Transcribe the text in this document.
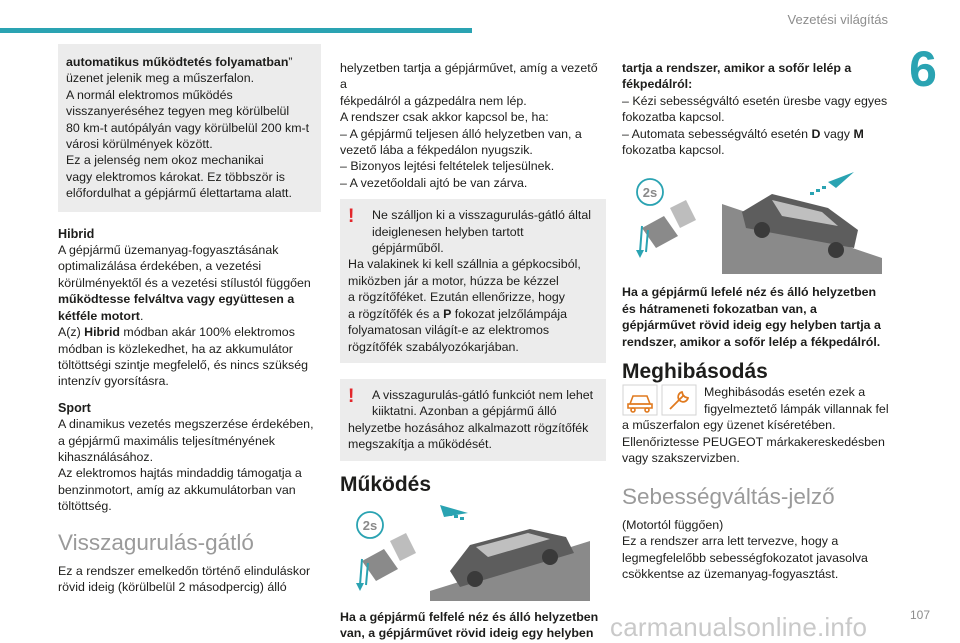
Vezetési világítás
6

automatikus működtetés folyamatban”

üzenet jelenik meg a műszerfalon.

A normál elektromos működés

visszanyeréséhez tegyen meg körülbelül

80 km-t autópályán vagy körülbelül 200 km-t

városi körülmények között.

Ez a jelenség nem okoz mechanikai

vagy elektromos károkat. Ez többször is

előfordulhat a gépjármű élettartama alatt.

Hibrid

A gépjármű üzemanyag-fogyasztásának

optimalizálása érdekében, a vezetési

körülményektől és a vezetési stílustól függően

működtesse felváltva vagy együttesen a

kétféle motort.

A(z) Hibrid módban akár 100% elektromos

módban is közlekedhet, ha az akkumulátor

töltöttségi szintje megfelelő, és nincs szükség

intenzív gyorsításra.

Sport

A dinamikus vezetés megszerzése érdekében,

a gépjármű maximális teljesítményének

kihasználásához.

Az elektromos hajtás mindaddig támogatja a

benzinmotort, amíg az akkumulátorban van

töltöttség.

Visszagurulás-gátló

Ez a rendszer emelkedőn történő elinduláskor

rövid ideig (körülbelül 2 másodpercig) álló

helyzetben tartja a gépjárművet, amíg a vezető a

fékpedálról a gázpedálra nem lép.

A rendszer csak akkor kapcsol be, ha:

– A gépjármű teljesen álló helyzetben van, a

vezető lába a fékpedálon nyugszik.

– Bizonyos lejtési feltételek teljesülnek.

– A vezetőoldali ajtó be van zárva.

! Ne szálljon ki a visszagurulás-gátló által

ideiglenesen helyben tartott gépjárműből.

Ha valakinek ki kell szállnia a gépkocsiból,

miközben jár a motor, húzza be kézzel

a rögzítőféket. Ezután ellenőrizze, hogy

a rögzítőfék és a P fokozat jelzőlámpája

folyamatosan világít-e az elektromos

rögzítőfék szabályozókarjában.

! A visszagurulás-gátló funkciót nem lehet

kiiktatni. Azonban a gépjármű álló

helyzetbe hozásához alkalmazott rögzítőfék

megszakítja a működését.

Működés

2s

Ha a gépjármű felfelé néz és álló helyzetben

van, a gépjárművet rövid ideig egy helyben

tartja a rendszer, amikor a sofőr lelép a

fékpedálról:

– Kézi sebességváltó esetén üresbe vagy egyes

fokozatba kapcsol.

– Automata sebességváltó esetén D vagy M

fokozatba kapcsol.

2s

Ha a gépjármű lefelé néz és álló helyzetben

és hátrameneti fokozatban van, a

gépjárművet rövid ideig egy helyben tartja a

rendszer, amikor a sofőr lelép a fékpedálról.

Meghibásodás

Meghibásodás esetén ezek a

figyelmeztető lámpák villannak fel

a műszerfalon egy üzenet kíséretében.

Ellenőriztesse PEUGEOT márkakereskedésben

vagy szakszervizben.

Sebességváltás-jelző

(Motortól függően)

Ez a rendszer arra lett tervezve, hogy a

legmegfelelőbb sebességfokozatot javasolva

csökkentse az üzemanyag-fogyasztást.

carmanualsonline.info	107
